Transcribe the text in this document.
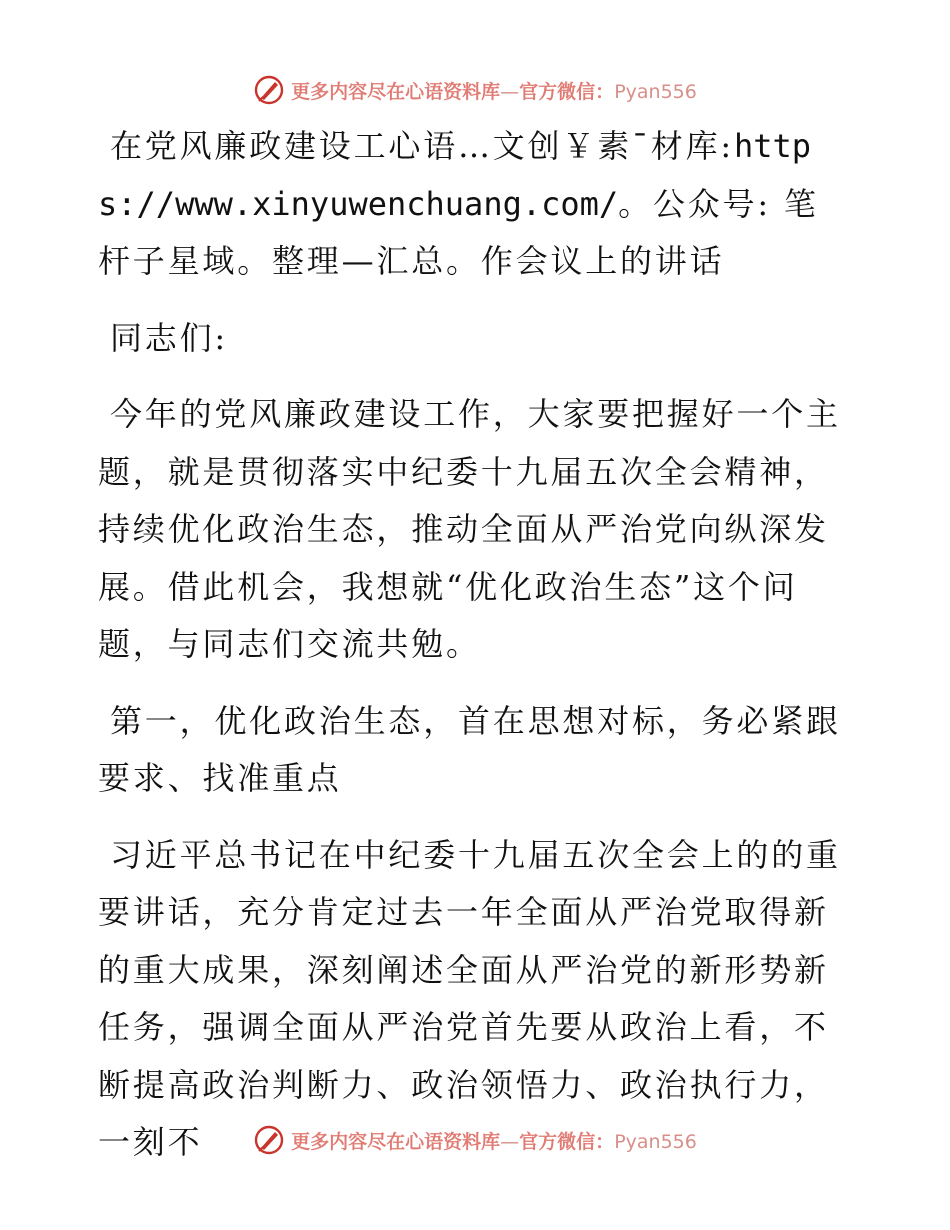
更多内容尽在心语资料库—官方微信：Pyan556

在党风廉政建设工心语…文创￥素¯材库:https://www.xinyuwenchuang.com/。公众号: 笔杆子星域。整理—汇总。作会议上的讲话

同志们:

今年的党风廉政建设工作，大家要把握好一个主题，就是贯彻落实中纪委十九届五次全会精神，持续优化政治生态，推动全面从严治党向纵深发展。借此机会，我想就“优化政治生态”这个问题，与同志们交流共勉。

第一，优化政治生态，首在思想对标，务必紧跟要求、找准重点

习近平总书记在中纪委十九届五次全会上的的重要讲话，充分肯定过去一年全面从严治党取得新的重大成果，深刻阐述全面从严治党的新形势新任务，强调全面从严治党首先要从政治上看，不断提高政治判断力、政治领悟力、政治执行力，一刻不	更多内容尽在心语资料库—官方微信：Pyan556
